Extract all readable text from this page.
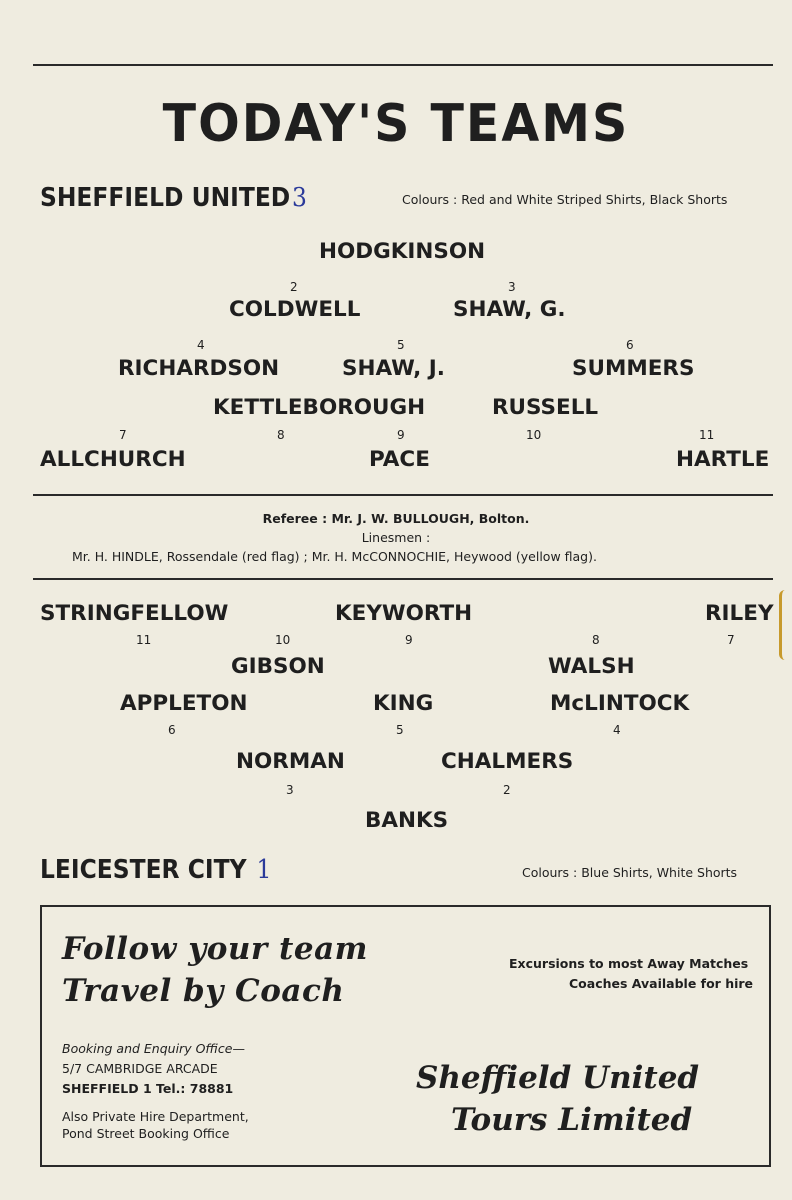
TODAY'S TEAMS
SHEFFIELD UNITED3	Colours : Red and White Striped Shirts, Black Shorts
HODGKINSON
2
COLDWELL
3
SHAW, G.
4
RICHARDSON
5
SHAW, J.
6
SUMMERS
KETTLEBOROUGH	RUSSELL
7
ALLCHURCH
8	9
PACE
10	11
HARTLE
Referee : Mr. J. W. BULLOUGH, Bolton.
Linesmen :
Mr. H. HINDLE, Rossendale (red flag) ; Mr. H. McCONNOCHIE, Heywood (yellow flag).
STRINGFELLOW	KEYWORTH	RILEY
11	10	9	8	7
GIBSON	WALSH
APPLETON	KING	McLINTOCK
6	5	4
NORMAN	CHALMERS
3	2
BANKS
LEICESTER CITY 1	Colours : Blue Shirts, White Shorts
Follow your team
Travel by Coach
Excursions to most Away Matches
Coaches Available for hire
Booking and Enquiry Office—
5/7 CAMBRIDGE ARCADE
SHEFFIELD 1 Tel.: 78881
Also Private Hire Department,
Pond Street Booking Office
Sheffield United
Tours Limited
